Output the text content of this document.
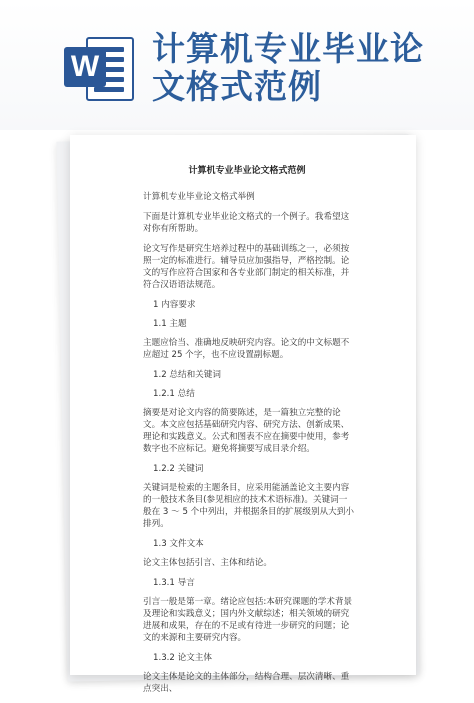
W 计算机专业毕业论文格式范例
计算机专业毕业论文格式范例

计算机专业毕业论文格式举例

下面是计算机专业毕业论文格式的一个例子。我希望这对你有所帮助。

论文写作是研究生培养过程中的基础训练之一，必须按照一定的标准进行。辅导员应加强指导，严格控制。论文的写作应符合国家和各专业部门制定的相关标准，并符合汉语语法规范。

1 内容要求

1.1 主题

主题应恰当、准确地反映研究内容。论文的中文标题不应超过 25 个字，也不应设置副标题。

1.2 总结和关键词

1.2.1 总结

摘要是对论文内容的简要陈述，是一篇独立完整的论文。本文应包括基础研究内容、研究方法、创新成果、理论和实践意义。公式和图表不应在摘要中使用，参考数字也不应标记。避免将摘要写成目录介绍。

1.2.2 关键词

关键词是检索的主题条目，应采用能涵盖论文主要内容的一般技术条目(参见相应的技术术语标准)。关键词一般在 3 ～ 5 个中列出，并根据条目的扩展级别从大到小排列。

1.3 文件文本

论文主体包括引言、主体和结论。

1.3.1 导言

引言一般是第一章。绪论应包括:本研究课题的学术背景及理论和实践意义；国内外文献综述；相关领域的研究进展和成果，存在的不足或有待进一步研究的问题；论文的来源和主要研究内容。

1.3.2 论文主体

论文主体是论文的主体部分，结构合理、层次清晰、重点突出、
